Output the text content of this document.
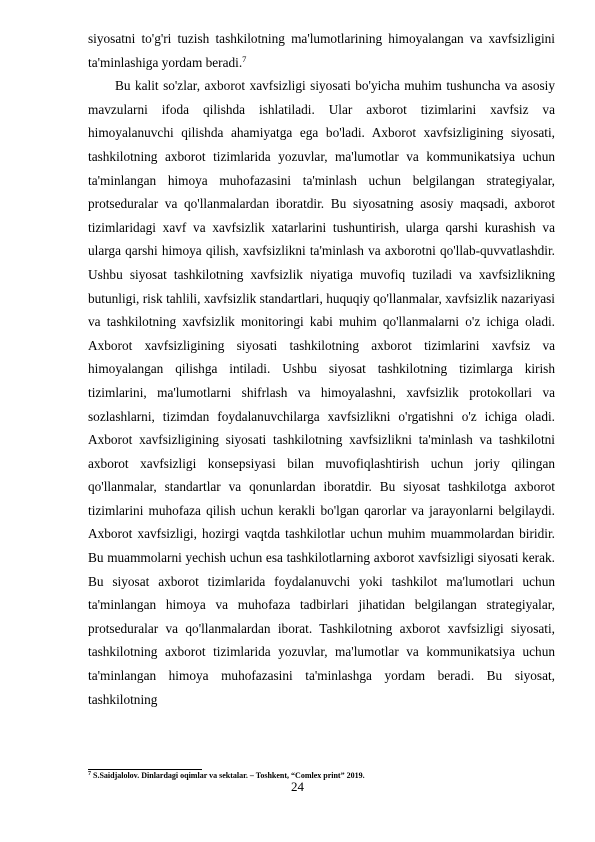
siyosatni to'g'ri tuzish tashkilotning ma'lumotlarining himoyalangan va xavfsizligini ta'minlashiga yordam beradi.$^7$

Bu kalit so'zlar, axborot xavfsizligi siyosati bo'yicha muhim tushuncha va asosiy mavzularni ifoda qilishda ishlatiladi. Ular axborot tizimlarini xavfsiz va himoyalanuvchi qilishda ahamiyatga ega bo'ladi. Axborot xavfsizligining siyosati, tashkilotning axborot tizimlarida yozuvlar, ma'lumotlar va kommunikatsiya uchun ta'minlangan himoya muhofazasini ta'minlash uchun belgilangan strategiyalar, protseduralar va qo'llanmalardan iboratdir. Bu siyosatning asosiy maqsadi, axborot tizimlaridagi xavf va xavfsizlik xatarlarini tushuntirish, ularga qarshi kurashish va ularga qarshi himoya qilish, xavfsizlikni ta'minlash va axborotni qo'llab-quvvatlashdir. Ushbu siyosat tashkilotning xavfsizlik niyatiga muvofiq tuziladi va xavfsizlikning butunligi, risk tahlili, xavfsizlik standartlari, huquqiy qo'llanmalar, xavfsizlik nazariyasi va tashkilotning xavfsizlik monitoringi kabi muhim qo'llanmalarni o'z ichiga oladi. Axborot xavfsizligining siyosati tashkilotning axborot tizimlarini xavfsiz va himoyalangan qilishga intiladi. Ushbu siyosat tashkilotning tizimlarga kirish tizimlarini, ma'lumotlarni shifrlash va himoyalashni, xavfsizlik protokollari va sozlashlarni, tizimdan foydalanuvchilarga xavfsizlikni o'rgatishni o'z ichiga oladi. Axborot xavfsizligining siyosati tashkilotning xavfsizlikni ta'minlash va tashkilotni axborot xavfsizligi konsepsiyasi bilan muvofiqlashtirish uchun joriy qilingan qo'llanmalar, standartlar va qonunlardan iboratdir. Bu siyosat tashkilotga axborot tizimlarini muhofaza qilish uchun kerakli bo'lgan qarorlar va jarayonlarni belgilaydi. Axborot xavfsizligi, hozirgi vaqtda tashkilotlar uchun muhim muammolardan biridir. Bu muammolarni yechish uchun esa tashkilotlarning axborot xavfsizligi siyosati kerak. Bu siyosat axborot tizimlarida foydalanuvchi yoki tashkilot ma'lumotlari uchun ta'minlangan himoya va muhofaza tadbirlari jihatidan belgilangan strategiyalar, protseduralar va qo'llanmalardan iborat. Tashkilotning axborot xavfsizligi siyosati, tashkilotning axborot tizimlarida yozuvlar, ma'lumotlar va kommunikatsiya uchun ta'minlangan himoya muhofazasini ta'minlashga yordam beradi. Bu siyosat, tashkilotning

$^7$ S.Saidjalolov. Dinlardagi oqimlar va sektalar. – Toshkent, “Comlex print” 2019.
24
